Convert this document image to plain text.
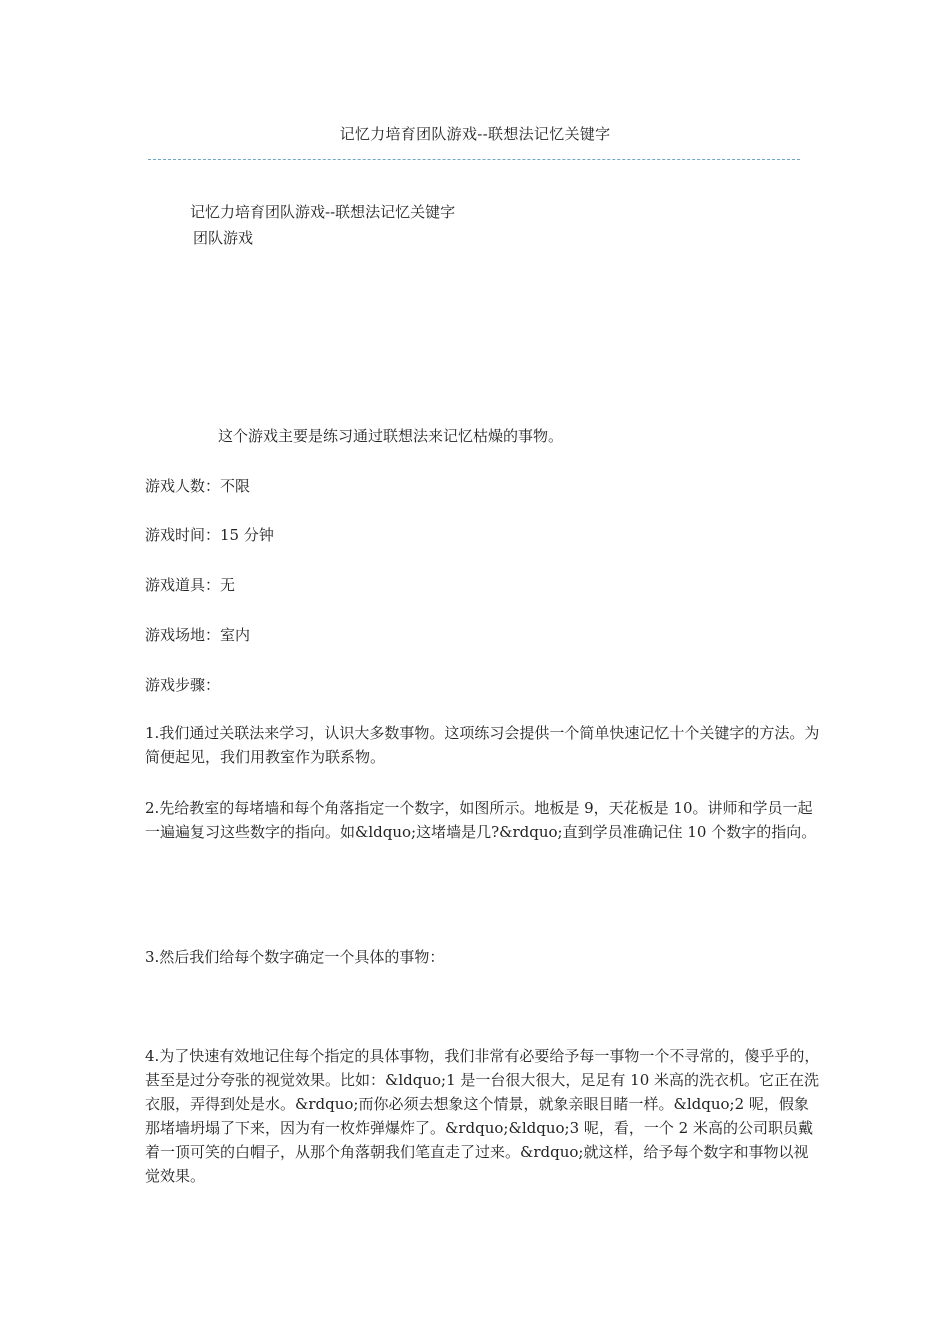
记忆力培育团队游戏--联想法记忆关键字
记忆力培育团队游戏--联想法记忆关键字
团队游戏

这个游戏主要是练习通过联想法来记忆枯燥的事物。

游戏人数：不限

游戏时间：15 分钟

游戏道具：无

游戏场地：室内

游戏步骤：

1.我们通过关联法来学习，认识大多数事物。这项练习会提供一个简单快速记忆十个关键字的方法。为简便起见，我们用教室作为联系物。

2.先给教室的每堵墙和每个角落指定一个数字，如图所示。地板是 9，天花板是 10。讲师和学员一起一遍遍复习这些数字的指向。如&ldquo;这堵墙是几?&rdquo;直到学员准确记住 10 个数字的指向。

3.然后我们给每个数字确定一个具体的事物：

4.为了快速有效地记住每个指定的具体事物，我们非常有必要给予每一事物一个不寻常的，傻乎乎的，甚至是过分夸张的视觉效果。比如：&ldquo;1 是一台很大很大，足足有 10 米高的洗衣机。它正在洗衣服，弄得到处是水。&rdquo;而你必须去想象这个情景，就象亲眼目睹一样。&ldquo;2 呢，假象那堵墙坍塌了下来，因为有一枚炸弹爆炸了。&rdquo;&ldquo;3 呢，看，一个 2 米高的公司职员戴着一顶可笑的白帽子，从那个角落朝我们笔直走了过来。&rdquo;就这样，给予每个数字和事物以视觉效果。
